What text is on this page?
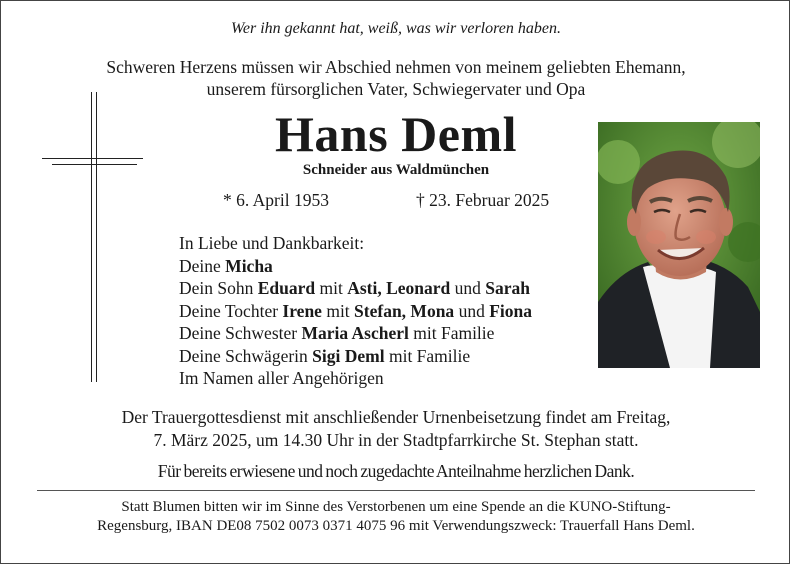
Wer ihn gekannt hat, weiß, was wir verloren haben.
Schweren Herzens müssen wir Abschied nehmen von meinem geliebten Ehemann,
unserem fürsorglichen Vater, Schwiegervater und Opa
Hans Deml
Schneider aus Waldmünchen
* 6. April 1953	† 23. Februar 2025
In Liebe und Dankbarkeit:
Deine Micha
Dein Sohn Eduard mit Asti, Leonard und Sarah
Deine Tochter Irene mit Stefan, Mona und Fiona
Deine Schwester Maria Ascherl mit Familie
Deine Schwägerin Sigi Deml mit Familie
Im Namen aller Angehörigen
Der Trauergottesdienst mit anschließender Urnenbeisetzung findet am Freitag,
7. März 2025, um 14.30 Uhr in der Stadtpfarrkirche St. Stephan statt.
Für bereits erwiesene und noch zugedachte Anteilnahme herzlichen Dank.
Statt Blumen bitten wir im Sinne des Verstorbenen um eine Spende an die KUNO-Stiftung-
Regensburg, IBAN DE08 7502 0073 0371 4075 96 mit Verwendungszweck: Trauerfall Hans Deml.
